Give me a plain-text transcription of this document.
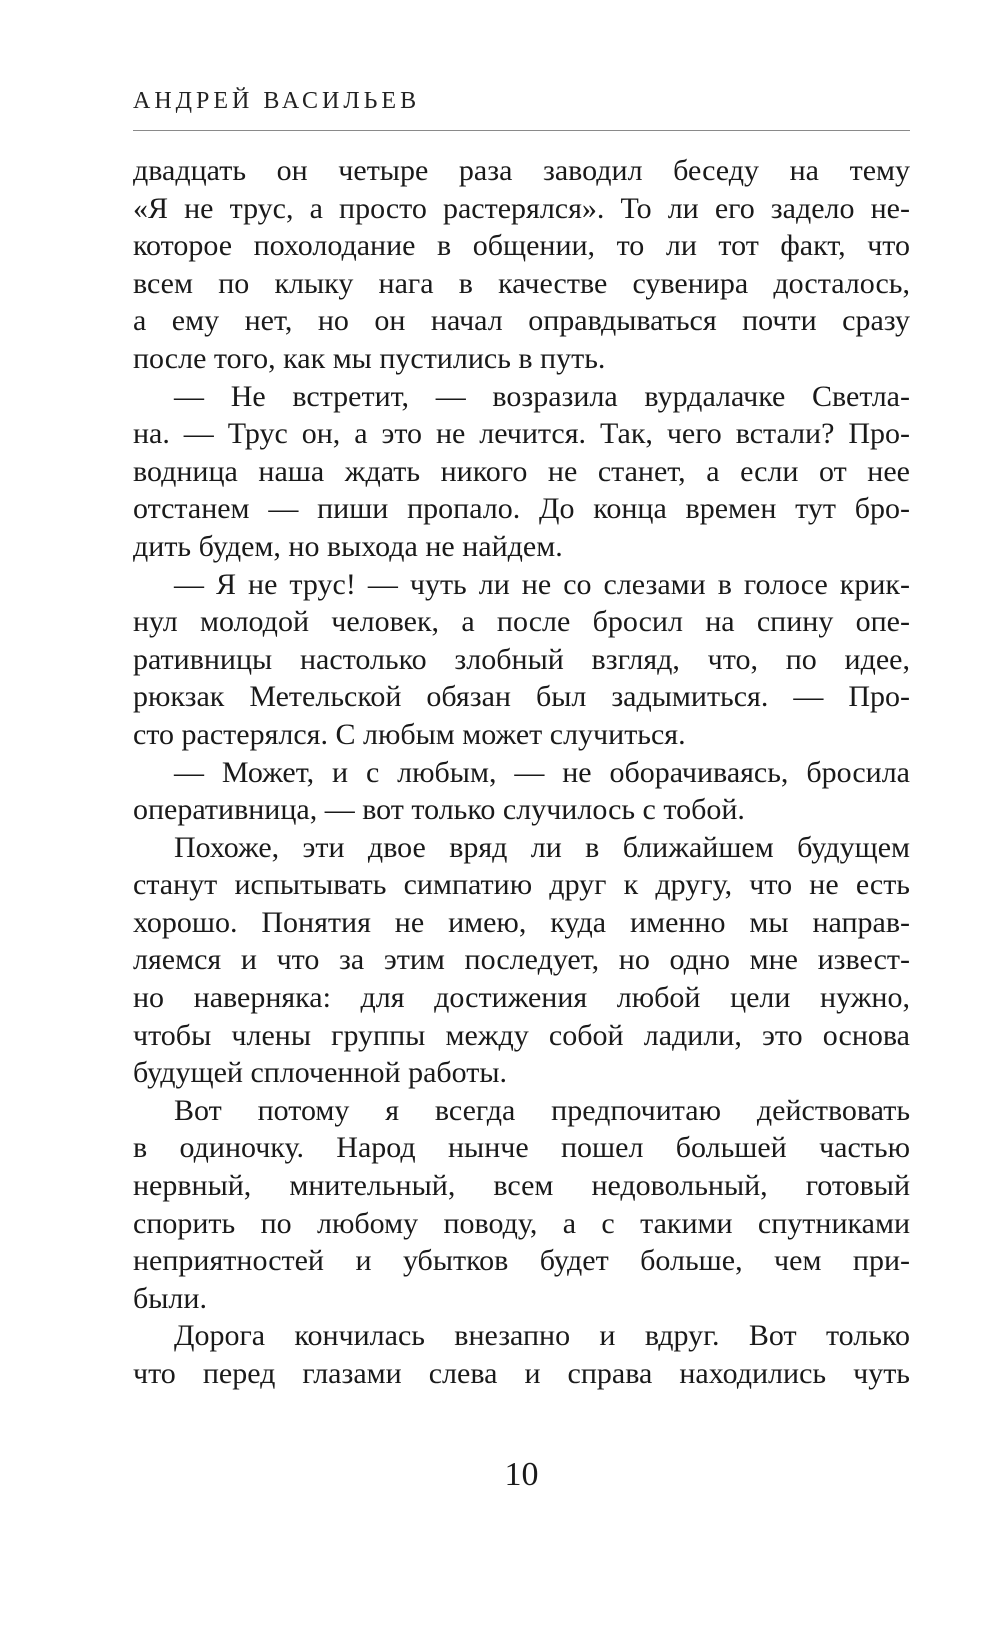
АНДРЕЙ ВАСИЛЬЕВ
двадцать он четыре раза заводил беседу на тему
«Я не трус, а просто растерялся». То ли его задело не-
которое похолодание в общении, то ли тот факт, что
всем по клыку нага в качестве сувенира досталось,
а ему нет, но он начал оправдываться почти сразу
после того, как мы пустились в путь.
— Не встретит, — возразила вурдалачке Светла-
на. — Трус он, а это не лечится. Так, чего встали? Про-
водница наша ждать никого не станет, а если от нее
отстанем — пиши пропало. До конца времен тут бро-
дить будем, но выхода не найдем.
— Я не трус! — чуть ли не со слезами в голосе крик-
нул молодой человек, а после бросил на спину опе-
ративницы настолько злобный взгляд, что, по идее,
рюкзак Метельской обязан был задымиться. — Про-
сто растерялся. С любым может случиться.
— Может, и с любым, — не оборачиваясь, бросила
оперативница, — вот только случилось с тобой.
Похоже, эти двое вряд ли в ближайшем будущем
станут испытывать симпатию друг к другу, что не есть
хорошо. Понятия не имею, куда именно мы направ-
ляемся и что за этим последует, но одно мне извест-
но наверняка: для достижения любой цели нужно,
чтобы члены группы между собой ладили, это основа
будущей сплоченной работы.
Вот потому я всегда предпочитаю действовать
в одиночку. Народ нынче пошел большей частью
нервный, мнительный, всем недовольный, готовый
спорить по любому поводу, а с такими спутниками
неприятностей и убытков будет больше, чем при-
были.
Дорога кончилась внезапно и вдруг. Вот только
что перед глазами слева и справа находились чуть
10
